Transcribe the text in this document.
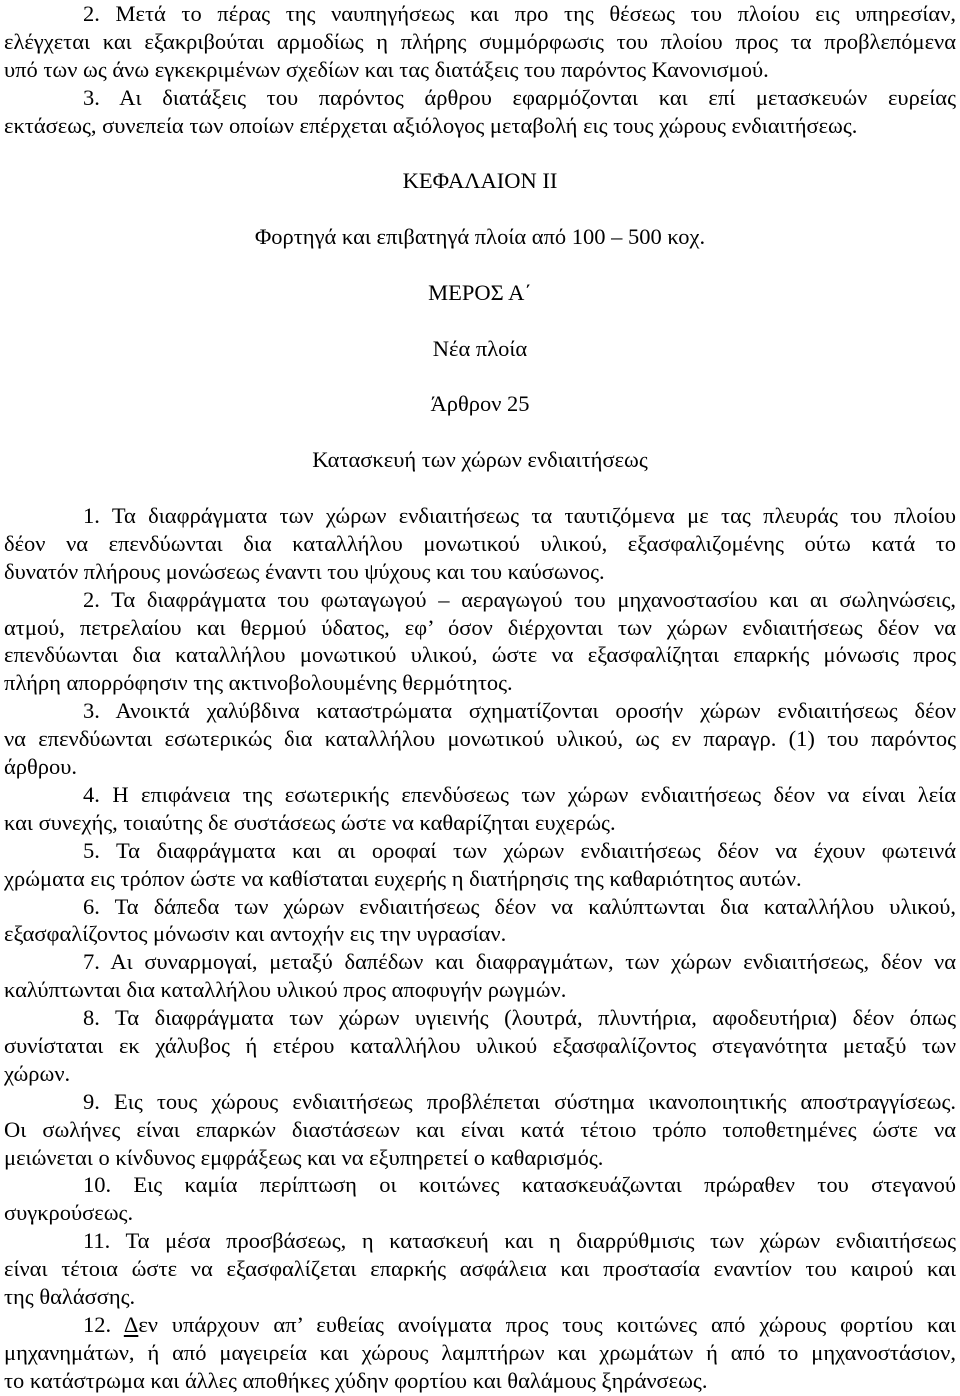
2. Μετά το πέρας της ναυπηγήσεως και προ της θέσεως του πλοίου εις υπηρεσίαν,
ελέγχεται και εξακριβούται αρμοδίως η πλήρης συμμόρφωσις του πλοίου προς τα προβλεπόμενα
υπό των ως άνω εγκεκριμένων σχεδίων και τας διατάξεις του παρόντος Κανονισμού.
3. Αι διατάξεις του παρόντος άρθρου εφαρμόζονται και επί μετασκευών ευρείας
εκτάσεως, συνεπεία των οποίων επέρχεται αξιόλογος μεταβολή εις τους χώρους ενδιαιτήσεως.
ΚΕΦΑΛΑΙΟΝ ΙΙ
Φορτηγά και επιβατηγά πλοία από 100 – 500 κοχ.
ΜΕΡΟΣ Α΄
Νέα πλοία
Άρθρον 25
Κατασκευή των χώρων ενδιαιτήσεως
1. Τα διαφράγματα των χώρων ενδιαιτήσεως τα ταυτιζόμενα με τας πλευράς του πλοίου
δέον να επενδύωνται δια καταλλήλου μονωτικού υλικού, εξασφαλιζομένης ούτω κατά το
δυνατόν πλήρους μονώσεως έναντι του ψύχους και του καύσωνος.
2. Τα διαφράγματα του φωταγωγού – αεραγωγού του μηχανοστασίου και αι σωληνώσεις,
ατμού, πετρελαίου και θερμού ύδατος, εφ’ όσον διέρχονται των χώρων ενδιαιτήσεως δέον να
επενδύωνται δια καταλλήλου μονωτικού υλικού, ώστε να εξασφαλίζηται επαρκής μόνωσις προς
πλήρη απορρόφησιν της ακτινοβολουμένης θερμότητος.
3. Ανοικτά χαλύβδινα καταστρώματα σχηματίζονται οροσήν χώρων ενδιαιτήσεως δέον
να επενδύωνται εσωτερικώς δια καταλλήλου μονωτικού υλικού, ως εν παραγρ. (1) του παρόντος
άρθρου.
4. Η επιφάνεια της εσωτερικής επενδύσεως των χώρων ενδιαιτήσεως δέον να είναι λεία
και συνεχής, τοιαύτης δε συστάσεως ώστε να καθαρίζηται ευχερώς.
5. Τα διαφράγματα και αι οροφαί των χώρων ενδιαιτήσεως δέον να έχουν φωτεινά
χρώματα εις τρόπον ώστε να καθίσταται ευχερής η διατήρησις της καθαριότητος αυτών.
6. Τα δάπεδα των χώρων ενδιαιτήσεως δέον να καλύπτωνται δια καταλλήλου υλικού,
εξασφαλίζοντος μόνωσιν και αντοχήν εις την υγρασίαν.
7. Αι συναρμογαί, μεταξύ δαπέδων και διαφραγμάτων, των χώρων ενδιαιτήσεως, δέον να
καλύπτωνται δια καταλλήλου υλικού προς αποφυγήν ρωγμών.
8. Τα διαφράγματα των χώρων υγιεινής (λουτρά, πλυντήρια, αφοδευτήρια) δέον όπως
συνίσταται εκ χάλυβος ή ετέρου καταλλήλου υλικού εξασφαλίζοντος στεγανότητα μεταξύ των
χώρων.
9. Εις τους χώρους ενδιαιτήσεως προβλέπεται σύστημα ικανοποιητικής αποστραγγίσεως.
Οι σωλήνες είναι επαρκών διαστάσεων και είναι κατά τέτοιο τρόπο τοποθετημένες ώστε να
μειώνεται ο κίνδυνος εμφράξεως και να εξυπηρετεί ο καθαρισμός.
10. Εις καμία περίπτωση οι κοιτώνες κατασκευάζωνται πρώραθεν του στεγανού
συγκρούσεως.
11. Τα μέσα προσβάσεως, η κατασκευή και η διαρρύθμισις των χώρων ενδιαιτήσεως
είναι τέτοια ώστε να εξασφαλίζεται επαρκής ασφάλεια και προστασία εναντίον του καιρού και
της θαλάσσης.
12. Δεν υπάρχουν απ’ ευθείας ανοίγματα προς τους κοιτώνες από χώρους φορτίου και
μηχανημάτων, ή από μαγειρεία και χώρους λαμπτήρων και χρωμάτων ή από το μηχανοστάσιον,
το κατάστρωμα και άλλες αποθήκες χύδην φορτίου και θαλάμους ξηράνσεως.
